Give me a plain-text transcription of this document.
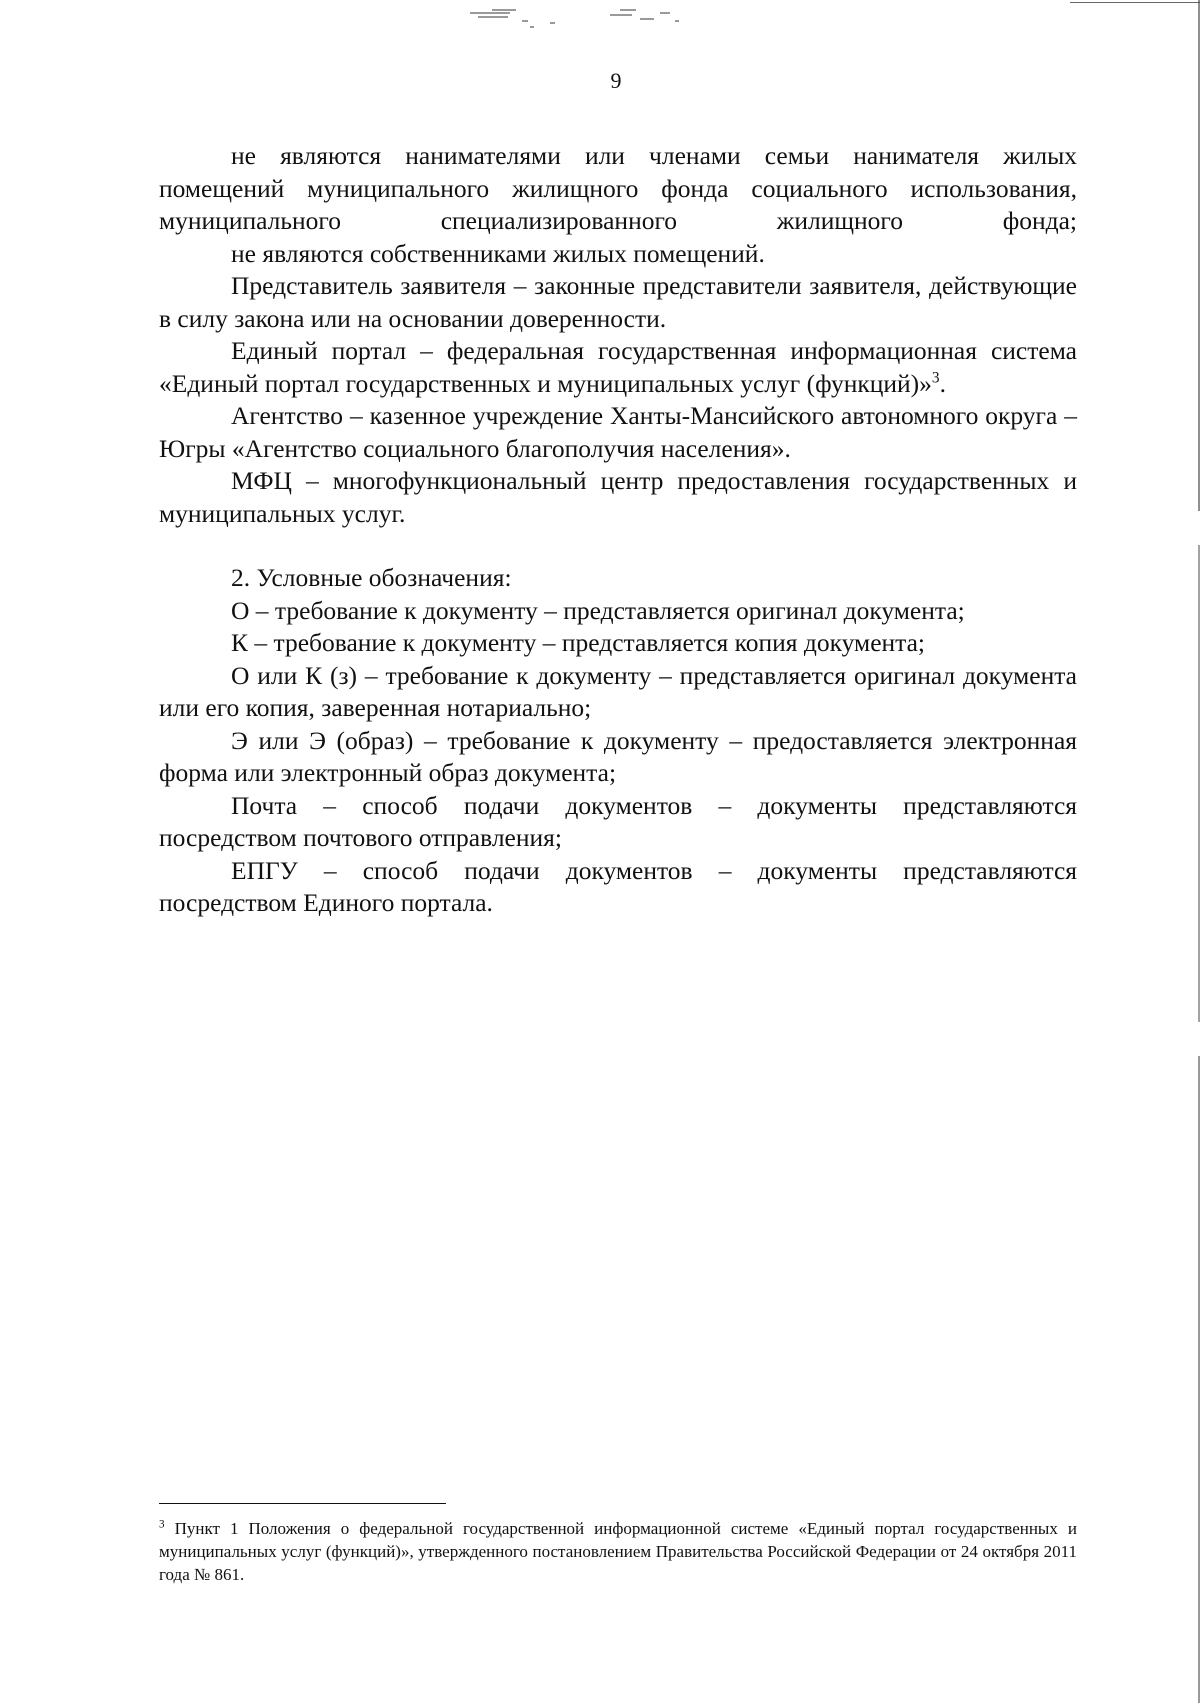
9

не являются нанимателями или членами семьи нанимателя жилых помещений муниципального жилищного фонда социального использования, муниципального специализированного жилищного фонда;

не являются собственниками жилых помещений.

Представитель заявителя – законные представители заявителя, действующие в силу закона или на основании доверенности.

Единый портал – федеральная государственная информационная система «Единый портал государственных и муниципальных услуг (функций)»$^3$.

Агентство – казенное учреждение Ханты-Мансийского автономного округа – Югры «Агентство социального благополучия населения».

МФЦ – многофункциональный центр предоставления государственных и муниципальных услуг.

2. Условные обозначения:

О – требование к документу – представляется оригинал документа;

К – требование к документу – представляется копия документа;

О или К (з) – требование к документу – представляется оригинал документа или его копия, заверенная нотариально;

Э или Э (образ) – требование к документу – предоставляется электронная форма или электронный образ документа;

Почта – способ подачи документов – документы представляются посредством почтового отправления;

ЕПГУ – способ подачи документов – документы представляются посредством Единого портала.

$^3$ Пункт 1 Положения о федеральной государственной информационной системе «Единый портал государственных и муниципальных услуг (функций)», утвержденного постановлением Правительства Российской Федерации от 24 октября 2011 года № 861.
